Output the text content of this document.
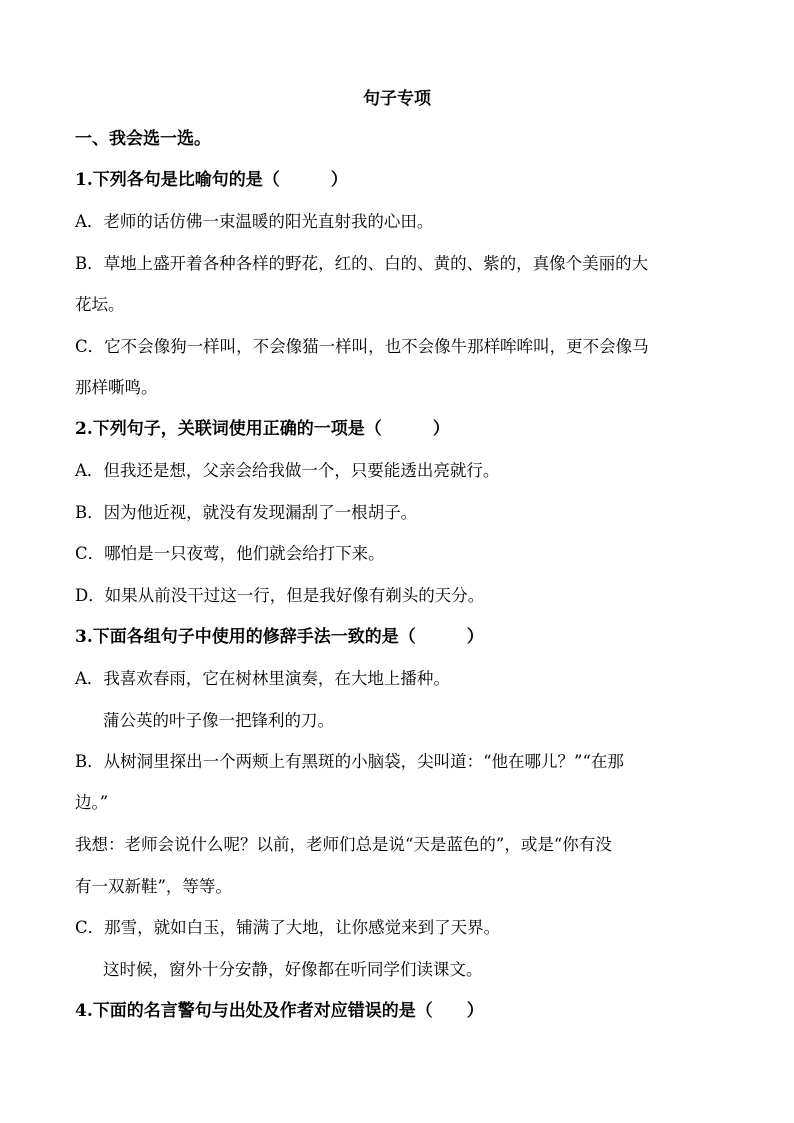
句子专项
一、我会选一选。
1.下列各句是比喻句的是（　　　）
A．老师的话仿佛一束温暖的阳光直射我的心田。
B．草地上盛开着各种各样的野花，红的、白的、黄的、紫的，真像个美丽的大
花坛。
C．它不会像狗一样叫，不会像猫一样叫，也不会像牛那样哞哞叫，更不会像马
那样嘶鸣。
2.下列句子，关联词使用正确的一项是（　　　）
A．但我还是想，父亲会给我做一个，只要能透出亮就行。
B．因为他近视，就没有发现漏刮了一根胡子。
C．哪怕是一只夜莺，他们就会给打下来。
D．如果从前没干过这一行，但是我好像有剃头的天分。
3.下面各组句子中使用的修辞手法一致的是（　　　）
A．我喜欢春雨，它在树林里演奏，在大地上播种。
蒲公英的叶子像一把锋利的刀。
B．从树洞里探出一个两颊上有黑斑的小脑袋，尖叫道：“他在哪儿？”“在那
边。”
我想：老师会说什么呢？以前，老师们总是说“天是蓝色的”，或是“你有没
有一双新鞋”，等等。
C．那雪，就如白玉，铺满了大地，让你感觉来到了天界。
这时候，窗外十分安静，好像都在听同学们读课文。
4.下面的名言警句与出处及作者对应错误的是（　　）
